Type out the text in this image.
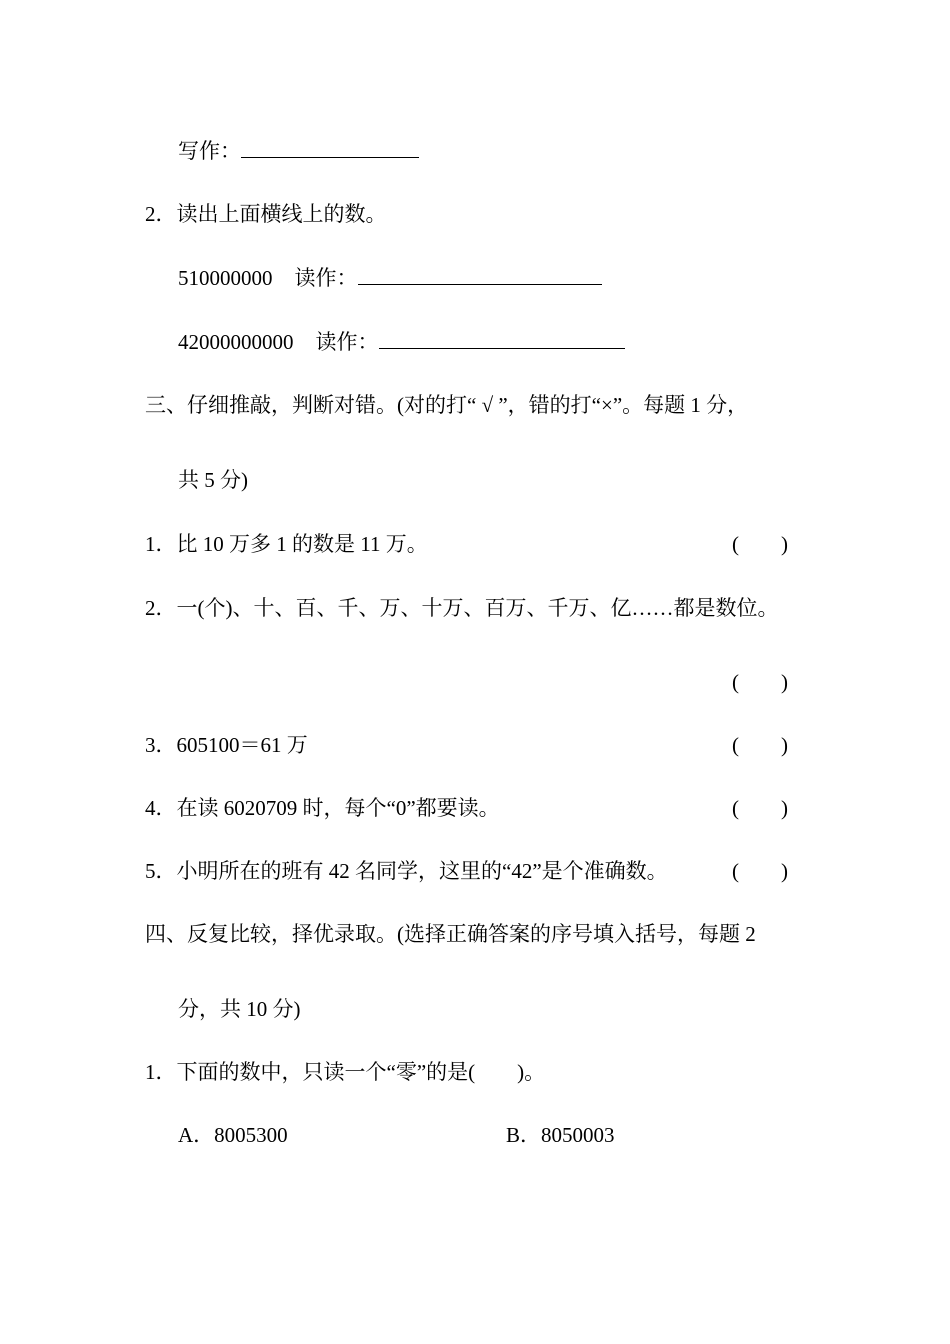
写作：
2．读出上面横线上的数。
510000000 读作：
42000000000 读作：
三、仔细推敲，判断对错。(对的打“ √ ”，错的打“×”。每题 1 分，
共 5 分)
1．比 10 万多 1 的数是 11 万。	(　　)
2．一(个)、十、百、千、万、十万、百万、千万、亿……都是数位。
(　　)
3．605100＝61 万	(　　)
4．在读 6020709 时，每个“0”都要读。	(　　)
5．小明所在的班有 42 名同学，这里的“42”是个准确数。	(　　)
四、反复比较，择优录取。(选择正确答案的序号填入括号，每题 2
分，共 10 分)
1．下面的数中，只读一个“零”的是(　　)。
A．8005300	B．8050003
